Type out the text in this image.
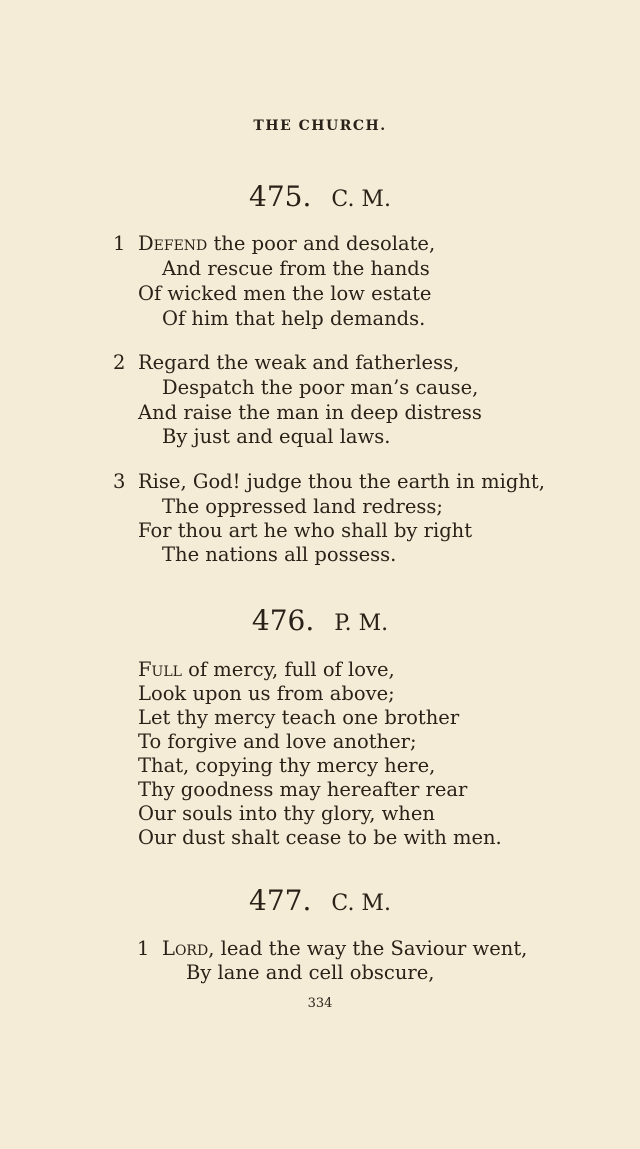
THE CHURCH.
475. C. M.
1 Defend the poor and desolate,
And rescue from the hands
Of wicked men the low estate
Of him that help demands.
2 Regard the weak and fatherless,
Despatch the poor man’s cause,
And raise the man in deep distress
By just and equal laws.
3 Rise, God! judge thou the earth in might,
The oppressed land redress;
For thou art he who shall by right
The nations all possess.
476. P. M.
Full of mercy, full of love,
Look upon us from above;
Let thy mercy teach one brother
To forgive and love another;
That, copying thy mercy here,
Thy goodness may hereafter rear
Our souls into thy glory, when
Our dust shalt cease to be with men.
477. C. M.
1 Lord, lead the way the Saviour went,
By lane and cell obscure,
334
